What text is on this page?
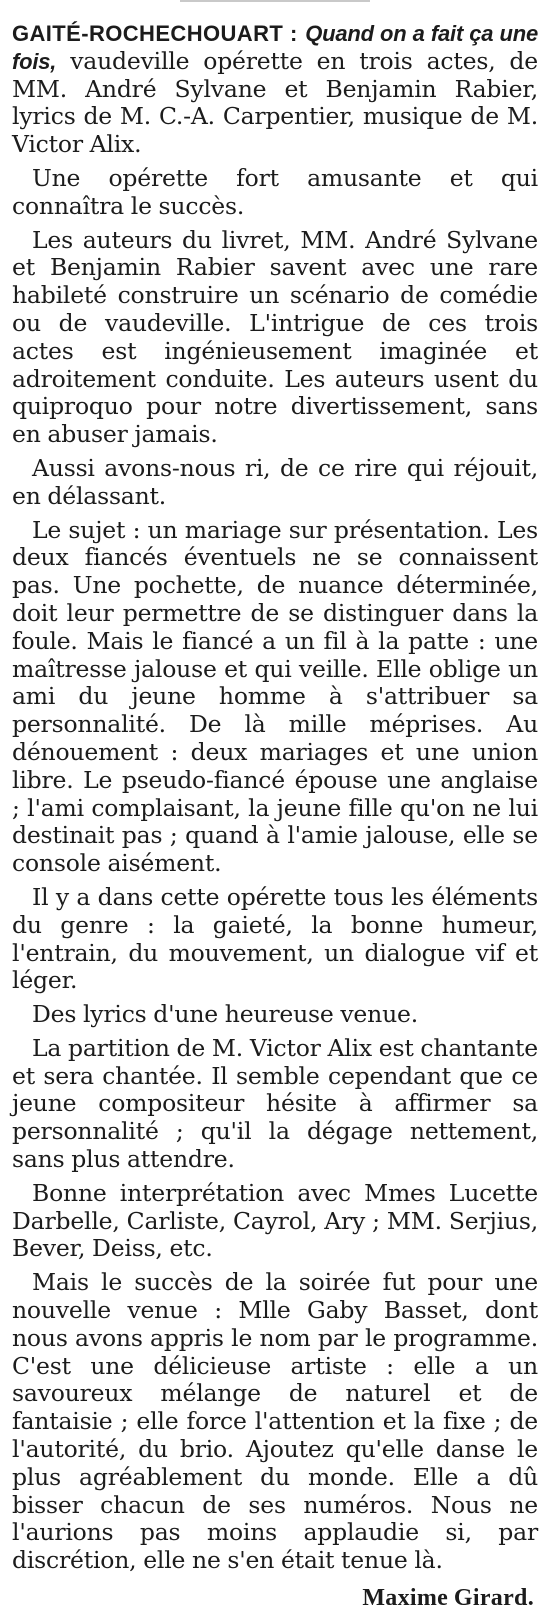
GAITÉ-ROCHECHOUART : Quand on a fait ça une fois, vaudeville opérette en trois actes, de MM. André Sylvane et Benjamin Rabier, lyrics de M. C.-A. Carpentier, musique de M. Victor Alix.

Une opérette fort amusante et qui connaîtra le succès.

Les auteurs du livret, MM. André Sylvane et Benjamin Rabier savent avec une rare habileté construire un scénario de comédie ou de vaudeville. L'intrigue de ces trois actes est ingénieusement imaginée et adroitement conduite. Les auteurs usent du quiproquo pour notre divertissement, sans en abuser jamais.

Aussi avons-nous ri, de ce rire qui réjouit, en délassant.

Le sujet : un mariage sur présentation. Les deux fiancés éventuels ne se connaissent pas. Une pochette, de nuance déterminée, doit leur permettre de se distinguer dans la foule. Mais le fiancé a un fil à la patte : une maîtresse jalouse et qui veille. Elle oblige un ami du jeune homme à s'attribuer sa personnalité. De là mille méprises. Au dénouement : deux mariages et une union libre. Le pseudo-fiancé épouse une anglaise ; l'ami complaisant, la jeune fille qu'on ne lui destinait pas ; quand à l'amie jalouse, elle se console aisément.

Il y a dans cette opérette tous les éléments du genre : la gaieté, la bonne humeur, l'entrain, du mouvement, un dialogue vif et léger.

Des lyrics d'une heureuse venue.

La partition de M. Victor Alix est chantante et sera chantée. Il semble cependant que ce jeune compositeur hésite à affirmer sa personnalité ; qu'il la dégage nettement, sans plus attendre.

Bonne interprétation avec Mmes Lucette Darbelle, Carliste, Cayrol, Ary ; MM. Serjius, Bever, Deiss, etc.

Mais le succès de la soirée fut pour une nouvelle venue : Mlle Gaby Basset, dont nous avons appris le nom par le programme. C'est une délicieuse artiste : elle a un savoureux mélange de naturel et de fantaisie ; elle force l'attention et la fixe ; de l'autorité, du brio. Ajoutez qu'elle danse le plus agréablement du monde. Elle a dû bisser chacun de ses numéros. Nous ne l'aurions pas moins applaudie si, par discrétion, elle ne s'en était tenue là.

Maxime Girard.
